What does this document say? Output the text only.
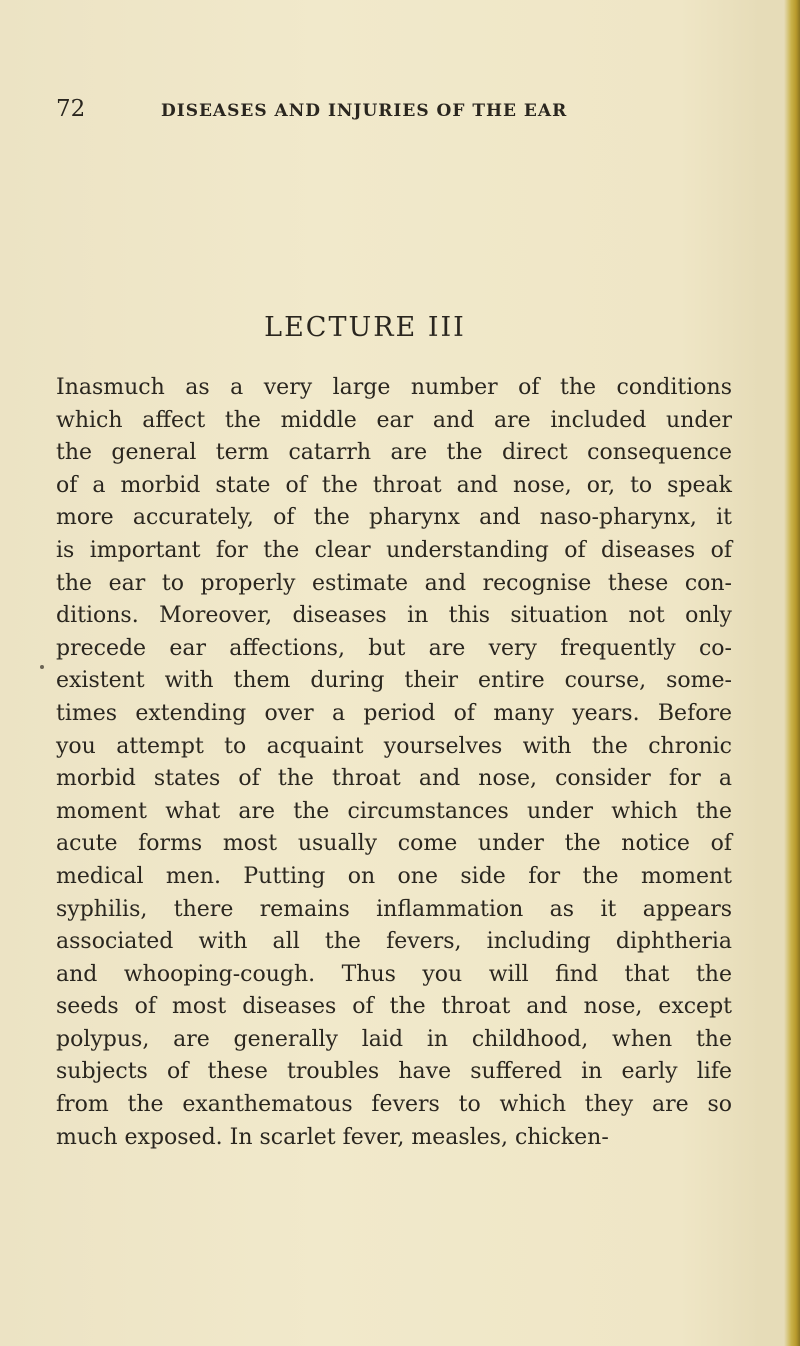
72	DISEASES AND INJURIES OF THE EAR
LECTURE III
Inasmuch as a very large number of the conditions
which affect the middle ear and are included under
the general term catarrh are the direct consequence
of a morbid state of the throat and nose, or, to speak
more accurately, of the pharynx and naso-pharynx, it
is important for the clear understanding of diseases of
the ear to properly estimate and recognise these con-
ditions. Moreover, diseases in this situation not only
precede ear affections, but are very frequently co-
existent with them during their entire course, some-
times extending over a period of many years. Before
you attempt to acquaint yourselves with the chronic
morbid states of the throat and nose, consider for a
moment what are the circumstances under which the
acute forms most usually come under the notice of
medical men. Putting on one side for the moment
syphilis, there remains inflammation as it appears
associated with all the fevers, including diphtheria
and whooping-cough. Thus you will find that the
seeds of most diseases of the throat and nose, except
polypus, are generally laid in childhood, when the
subjects of these troubles have suffered in early life
from the exanthematous fevers to which they are so
much exposed. In scarlet fever, measles, chicken-
